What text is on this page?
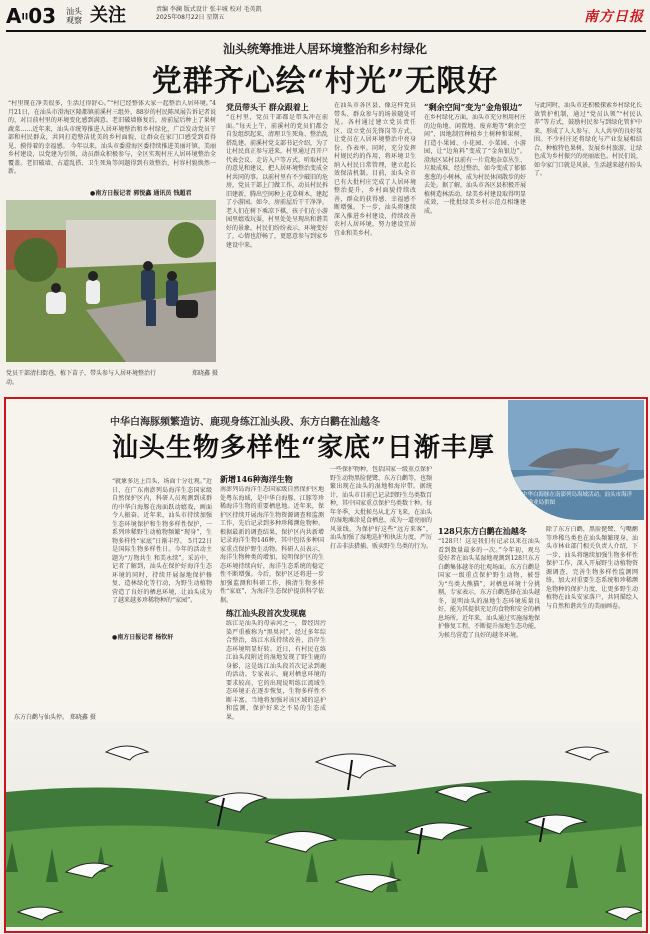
AII03 汕头观察 关注	责编 李澜 版式设计 张丰城 校对 毛英凯
2025年08月22日 星期五	南方日报
汕头统筹推进人居环境整治和乡村绿化
党群齐心绘“村光”无限好
“村里现在净美很多，生活过得舒心。”“村已经整体大家一起整治人居环境。”4月21日，在汕头市澄海区隆都镇前溪村三组外，88岁的村民陈凤展告诉记者说的，对目前村里的环境变化感到满意。老旧破墙修复后，房前屋后种上了果树蔬菜……近年来，汕头市统筹推进人居环境整治和乡村绿化，广泛发动党员干部和村民群众，共同打造整洁优美的乡村面貌，让群众在家门口感受到看得见、摸得着的幸福感。 今年以来，汕头市委澄海区委持续推进美丽圩镇、美丽乡村建设，以党建为引领，动员群众积极参与，全区实现村庄人居环境整治全覆盖。老旧破墙、占道乱搭、卫生死角等问题得到有效整治，村容村貌焕然一新。
●南方日报记者 郭悦鑫 通讯员 钱超君
党员干部清扫街巷，植下苗子，带头参与人居环境整治行动。
郑晓鑫 摄
党员带头干 群众跟着上
“在村里，党员干部都是带头冲在前面。”每天上午，前溪村的党员们都会自发组织起来，清理卫生死角、整治乱搭乱建。前溪村党支部书记介绍，为了让村民真正参与进来，村里通过召开户代表会议、走访入户等方式，听取村民的意见和建议，把人居环境整治变成全村共同的事。以前村里有不少破旧的危房，党员干部上门做工作，动员村民拆旧建新，腾出空间种上花草树木，建起了小游园。如今，房前屋后干干净净，老人们在树下乘凉下棋，孩子们在小游园里嬉戏玩耍，村里处处呈现出和谐美好的景象。村民们纷纷表示，环境变好了，心情也舒畅了，更愿意参与到家乡建设中来。
在汕头市各区县，像这样党员带头、群众参与的场景随处可见。各村通过建立党员责任区、设立党员先锋岗等方式，让党员在人居环境整治中亮身份、作表率。同时，充分发挥村规民约的作用，将环境卫生纳入村民日常管理，建立起长效保洁机制。目前，汕头全市已有大批村庄完成了人居环境整治提升，乡村面貌持续改善，群众的获得感、幸福感不断增强。下一步，汕头将继续深入推进乡村建设，持续改善农村人居环境，努力建设宜居宜业和美乡村。
“剩余空间”变为“金角银边”
在乡村绿化方面，汕头市充分利用村庄的边角地、闲置地、废弃地等“剩余空间”，因地制宜种植乡土树种和果树，打造小果园、小花园、小菜园、小游园，让“边角料”变成了“金角银边”。澄海区某村以前有一片荒地杂草丛生、垃圾成堆，经过整治，如今变成了郁郁葱葱的小树林，成为村民休闲散步的好去处。据了解，汕头市各区县积极开展植树造林活动，绿美乡村建设取得明显成效，一批批绿美乡村示范点相继建成。
与此同时，汕头市还积极探索乡村绿化长效管护机制，通过“党员认领”“村民认养”等方式，鼓励村民参与到绿化管护中来，形成了人人参与、人人共享的良好氛围。不少村庄还将绿化与产业发展相结合，种植特色果树，发展乡村旅游，让绿色成为乡村振兴的亮丽底色。村民们说，如今家门口就是风景，生活越来越有盼头了。
中华白海豚频繁造访、鹿现身练江汕头段、东方白鹳在汕越冬
汕头生物多样性“家底”日渐丰厚
中华白海豚在南澎列岛海域活动。汕头市海洋与渔业局供图
“就象多达上百头，场面十分壮观。”近日，在广东南澎列岛海洋生态国家级自然保护区内，科研人员观测到成群的中华白海豚在海面跃动嬉戏，画面令人振奋。近年来，汕头市持续加强生态环境保护和生物多样性保护，一系列珍稀野生动植物频繁“现身”，生物多样性“家底”日渐丰厚。 5月22日是国际生物多样性日。今年的活动主题为“万物共生 和美永续”。采访中，记者了解到，汕头在保护好海洋生态环境的同时，持续开展湿地保护修复、造林绿化等行动，为野生动植物营造了良好的栖息环境，让汕头成为了越来越多珍稀物种的“家园”。
●南方日报记者 杨钦轩
东方白鹳与仙头停。 郑晓鑫 摄
新增146种海洋生物
南澎列岛海洋生态国家级自然保护区地处粤东海域，是中华白海豚、江豚等珍稀海洋生物的重要栖息地。近年来，保护区持续开展海洋生物资源调查和监测工作，先后记录到多种珍稀濒危物种。根据最新的调查结果，保护区内共新增记录海洋生物146种，其中包括多种国家重点保护野生动物。科研人员表示，海洋生物种类的增加，说明保护区的生态环境持续向好，海洋生态系统的稳定性不断增强。今后，保护区还将进一步加强监测和科研工作，摸清生物多样性“家底”，为海洋生态保护提供科学依据。
练江汕头段首次发现鹿
练江是汕头的母亲河之一，曾经因污染严重被称为“黑臭河”。经过多年综合整治，练江水质持续改善，沿岸生态环境明显好转。近日，有村民在练江汕头段附近的湿地发现了野生鹿的身影，这是练江汕头段首次记录到鹿的活动。专家表示，鹿对栖息环境的要求较高，它的出现说明练江流域生态环境正在逐步恢复，生物多样性不断丰富。当地将加强对该区域的巡护和监测，保护好来之不易的生态成果。
一些保护物种，包括国家一级重点保护野生动物黑脸琵鹭、东方白鹳等，也频繁出现在汕头的湿地和海岸带。据统计，汕头市目前已记录到野生鸟类数百种，其中国家重点保护鸟类数十种。每年冬季，大批候鸟从北方飞来，在汕头的湿地滩涂觅食栖息，成为一道亮丽的风景线。为保护好这些“远方来客”，汕头加强了湿地巡护和执法力度，严厉打击非法猎捕、贩卖野生鸟类的行为。
128只东方白鹳在汕越冬
“128只！这是我们有记录以来在汕头看到数量最多的一次。”今年初，观鸟爱好者在汕头某湿地观测到128只东方白鹳集体越冬的壮观场面。东方白鹳是国家一级重点保护野生动物，被誉为“鸟类大熊猫”，对栖息环境十分挑剔。专家表示，东方白鹳选择在汕头越冬，说明汕头的湿地生态环境质量良好，能为其提供充足的食物和安全的栖息场所。近年来，汕头通过实施湿地保护修复工程，不断提升湿地生态功能，为候鸟营造了良好的越冬环境。
除了东方白鹳，黑脸琵鹭、勺嘴鹬等珍稀鸟类也在汕头频繁现身。汕头市林业部门相关负责人介绍，下一步，汕头将继续加强生物多样性保护工作，深入开展野生动植物资源调查，完善生物多样性监测网络，加大对重要生态系统和珍稀濒危物种的保护力度，让更多野生动植物在汕头安家落户，共同描绘人与自然和谐共生的美丽画卷。
